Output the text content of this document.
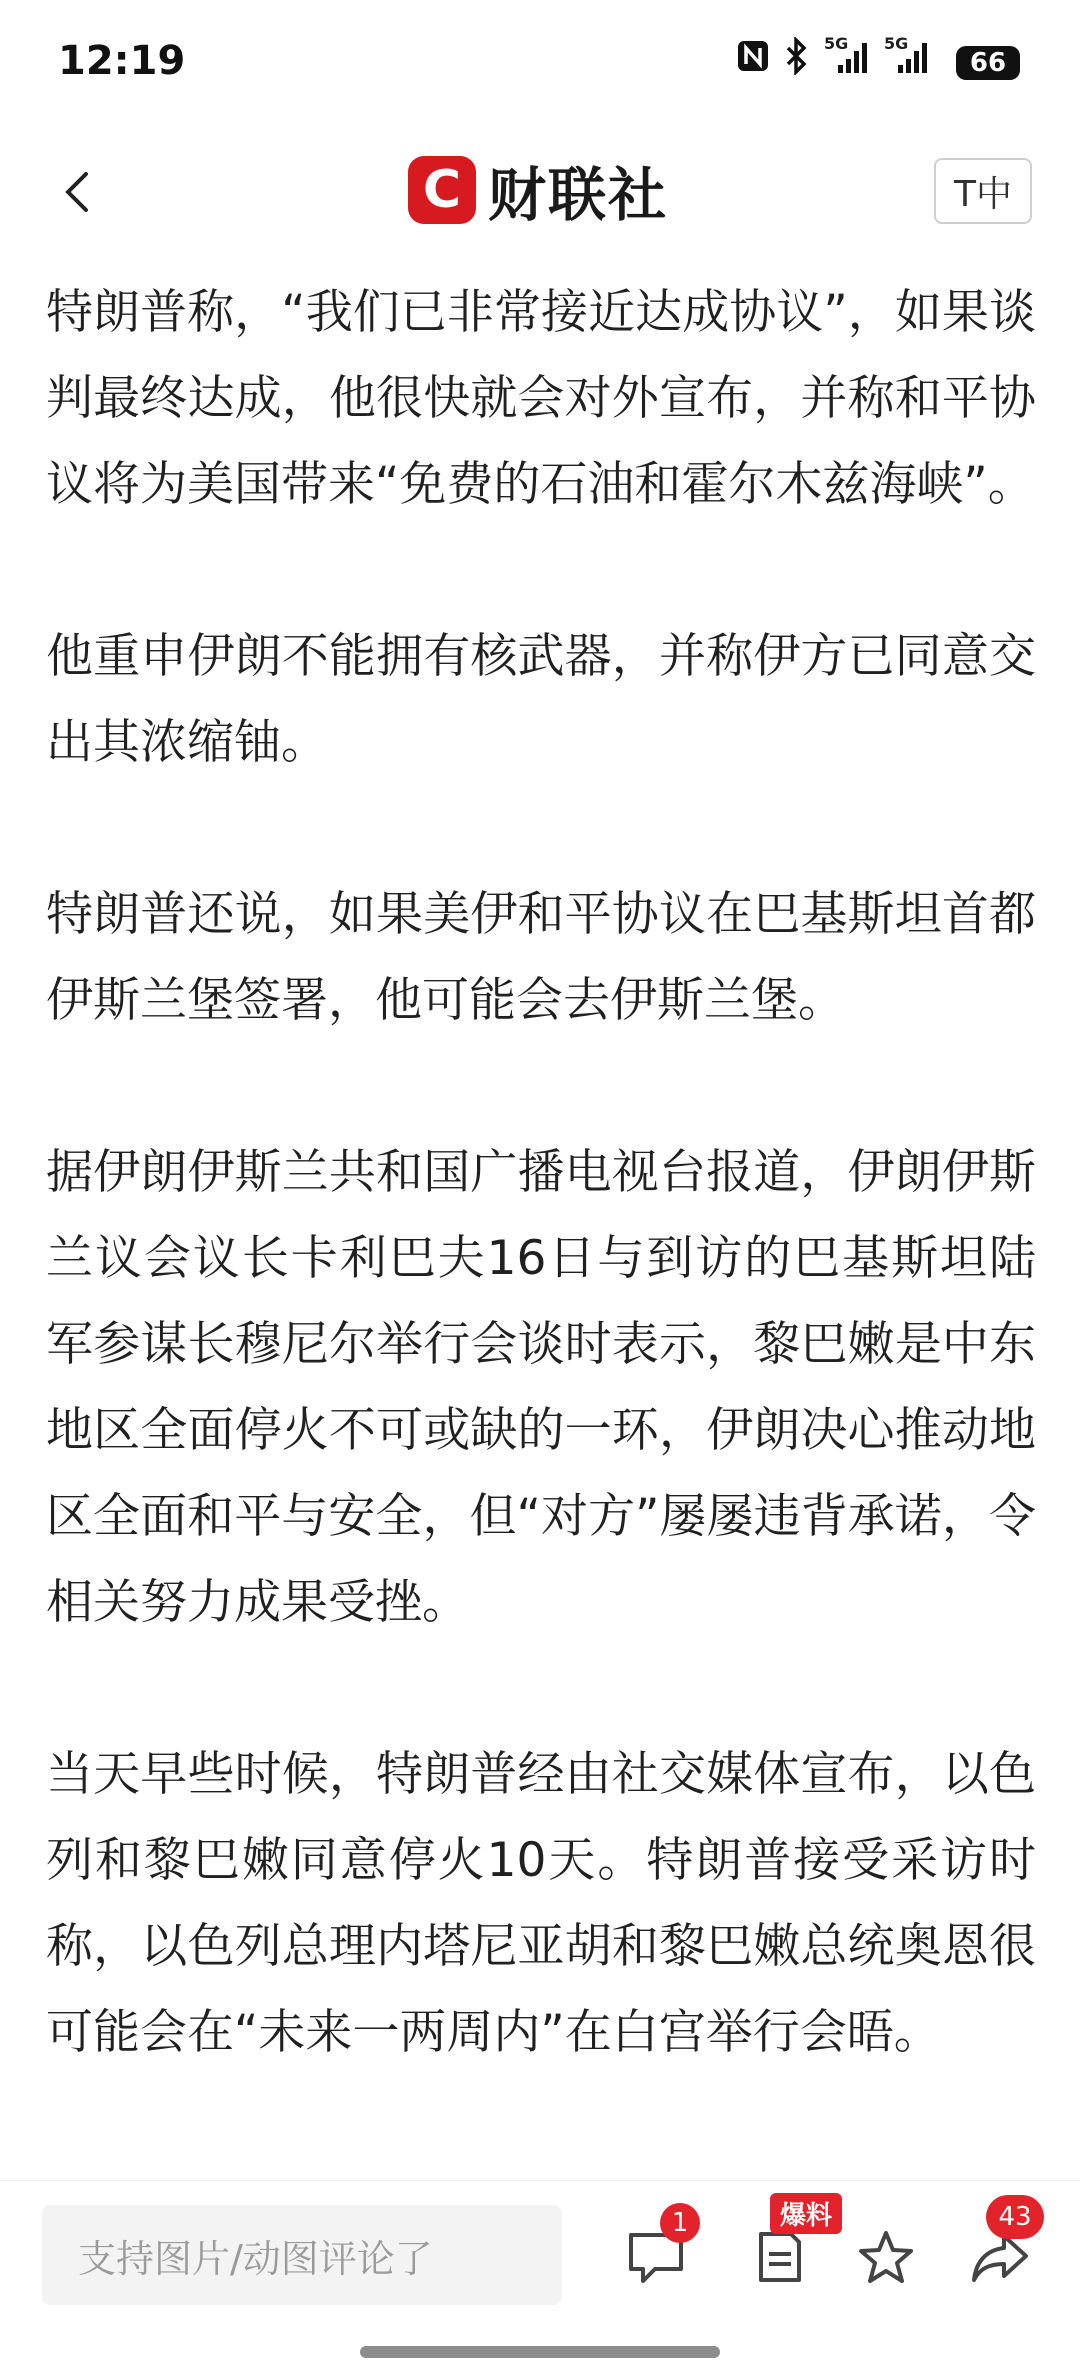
12:19	5G 5G
66
C 财联社	T中

特朗普称，“我们已非常接近达成协议”，如果谈判最终达成，他很快就会对外宣布，并称和平协议将为美国带来“免费的石油和霍尔木兹海峡”。

他重申伊朗不能拥有核武器，并称伊方已同意交出其浓缩铀。

特朗普还说，如果美伊和平协议在巴基斯坦首都伊斯兰堡签署，他可能会去伊斯兰堡。

据伊朗伊斯兰共和国广播电视台报道，伊朗伊斯兰议会议长卡利巴夫16日与到访的巴基斯坦陆军参谋长穆尼尔举行会谈时表示，黎巴嫩是中东地区全面停火不可或缺的一环，伊朗决心推动地区全面和平与安全，但“对方”屡屡违背承诺，令相关努力成果受挫。

当天早些时候，特朗普经由社交媒体宣布，以色列和黎巴嫩同意停火10天。特朗普接受采访时称，以色列总理内塔尼亚胡和黎巴嫩总统奥恩很可能会在“未来一两周内”在白宫举行会晤。

支持图片/动图评论了
1	爆料	43
